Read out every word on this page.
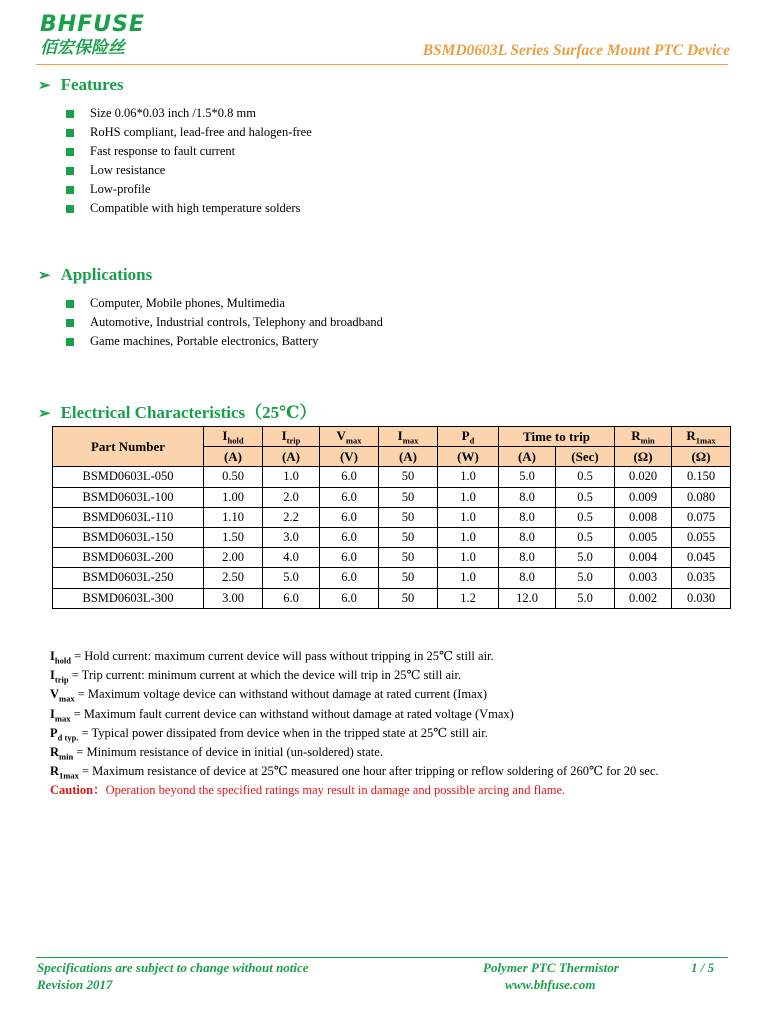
BHFUSE
佰宏保险丝	BSMD0603L Series Surface Mount PTC Device
➢ Features
Size 0.06*0.03 inch /1.5*0.8 mm
RoHS compliant, lead-free and halogen-free
Fast response to fault current
Low resistance
Low-profile
Compatible with high temperature solders
➢ Applications
Computer, Mobile phones, Multimedia
Automotive, Industrial controls, Telephony and broadband
Game machines, Portable electronics, Battery
➢ Electrical Characteristics（25℃）
Part Number	$I_{hold}$	$I_{trip}$	$V_{max}$	$I_{max}$	$P_d$	Time to trip		$R_{min}$	$R_{1max}$
	(A)	(A)	(V)	(A)	(W)	(A)	(Sec)	(Ω)	(Ω)
BSMD0603L-050	0.50	1.0	6.0	50	1.0	5.0	0.5	0.020	0.150
BSMD0603L-100	1.00	2.0	6.0	50	1.0	8.0	0.5	0.009	0.080
BSMD0603L-110	1.10	2.2	6.0	50	1.0	8.0	0.5	0.008	0.075
BSMD0603L-150	1.50	3.0	6.0	50	1.0	8.0	0.5	0.005	0.055
BSMD0603L-200	2.00	4.0	6.0	50	1.0	8.0	5.0	0.004	0.045
BSMD0603L-250	2.50	5.0	6.0	50	1.0	8.0	5.0	0.003	0.035
BSMD0603L-300	3.00	6.0	6.0	50	1.2	12.0	5.0	0.002	0.030
$I_{hold}$ = Hold current: maximum current device will pass without tripping in 25℃ still air.
$I_{trip}$ = Trip current: minimum current at which the device will trip in 25℃ still air.
$V_{max}$ = Maximum voltage device can withstand without damage at rated current (Imax)
$I_{max}$ = Maximum fault current device can withstand without damage at rated voltage (Vmax)
$P_{d typ.}$ = Typical power dissipated from device when in the tripped state at 25℃ still air.
$R_{min}$ = Minimum resistance of device in initial (un-soldered) state.
$R_{1max}$ = Maximum resistance of device at 25℃ measured one hour after tripping or reflow soldering of 260℃ for 20 sec.
Caution：Operation beyond the specified ratings may result in damage and possible arcing and flame.
Specifications are subject to change without notice
Revision 2017
Polymer PTC Thermistor
www.bhfuse.com
1 / 5
